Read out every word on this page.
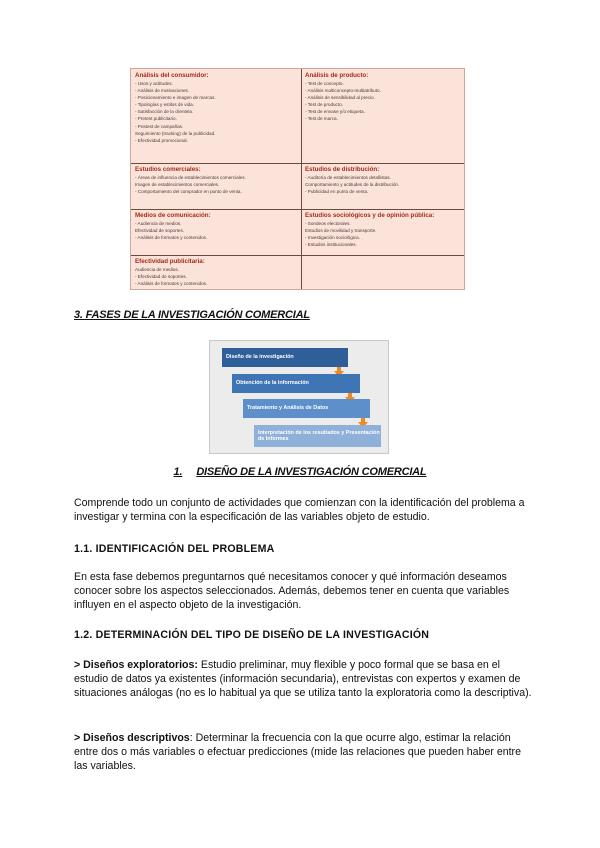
Análisis del consumidor:
- Usos y actitudes.
- Análisis de motivaciones.
- Posicionamiento e imagen de marcas.
- Tipologías y estilos de vida.
- Satisfacción de la clientela.
- Pretest publicitario.
- Postest de campañas.
Seguimiento (tracking) de la publicidad.
- Efectividad promocional.
Análisis de producto:
- Test de concepto.
- Análisis multiconcepto-multiatributo.
- Análisis de sensibilidad al precio.
- Test de producto.
- Test de envase y/o etiqueta.
- Test de marca.
Estudios comerciales:
- Áreas de influencia de establecimientos comerciales.
Imagen de establecimientos comerciales.
- Comportamiento del comprador en punto de venta.
Estudios de distribución:
- Auditoría de establecimientos detallistas.
Comportamiento y actitudes de la distribución.
- Publicidad en punto de venta.
Medios de comunicación:
- Audiencia de medios.
Efectividad de soportes.
- Análisis de formatos y contenidos.
Estudios sociológicos y de opinión pública:
- Sondeos electorales.
Estudios de movilidad y transporte.
- Investigación sociológica.
- Estudios institucionales.
Efectividad publicitaria:
Audiencia de medios.
- Efectividad de soportes.
- Análisis de formatos y contenidos.
3. FASES DE LA INVESTIGACIÓN COMERCIAL
Diseño de la investigación
Obtención de la información
Tratamiento y Análisis de Datos
Interpretación de los resultados y Presentación de Informes
1. DISEÑO DE LA INVESTIGACIÓN COMERCIAL
Comprende todo un conjunto de actividades que comienzan con la identificación del problema a investigar y termina con la especificación de las variables objeto de estudio.
1.1. IDENTIFICACIÓN DEL PROBLEMA
En esta fase debemos preguntarnos qué necesitamos conocer y qué información deseamos conocer sobre los aspectos seleccionados. Además, debemos tener en cuenta que variables influyen en el aspecto objeto de la investigación.
1.2. DETERMINACIÓN DEL TIPO DE DISEÑO DE LA INVESTIGACIÓN
> Diseños exploratorios: Estudio preliminar, muy flexible y poco formal que se basa en el estudio de datos ya existentes (información secundaria), entrevistas con expertos y examen de situaciones análogas (no es lo habitual ya que se utiliza tanto la exploratoria como la descriptiva).
> Diseños descriptivos: Determinar la frecuencia con la que ocurre algo, estimar la relación entre dos o más variables o efectuar predicciones (mide las relaciones que pueden haber entre las variables.
